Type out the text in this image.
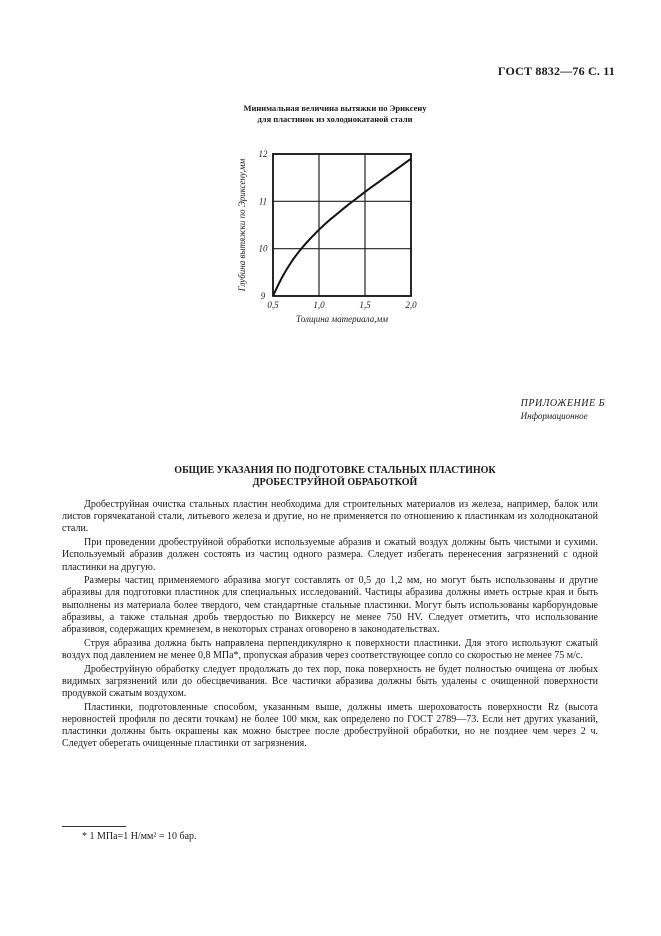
ГОСТ 8832—76 С. 11
Минимальная величина вытяжки по Эриксену
для пластинок из холоднокатаной стали
0,5	1,0	1,5	2,0
9
10
11
12
Толщина материала,мм
Глубина вытяжки по Эриксену,мм
ПРИЛОЖЕНИЕ Б
Информационное
ОБЩИЕ УКАЗАНИЯ ПО ПОДГОТОВКЕ СТАЛЬНЫХ ПЛАСТИНОК
ДРОБЕСТРУЙНОЙ ОБРАБОТКОЙ

Дробеструйная очистка стальных пластин необходима для строительных материалов из железа, например, балок или листов горячекатаной стали, литьевого железа и другие, но не применяется по отношению к пластинкам из холоднокатаной стали.

При проведении дробеструйной обработки используемые абразив и сжатый воздух должны быть чистыми и сухими. Используемый абразив должен состоять из частиц одного размера. Следует избегать перенесения загрязнений с одной пластинки на другую.

Размеры частиц применяемого абразива могут составлять от 0,5 до 1,2 мм, но могут быть использованы и другие абразивы для подготовки пластинок для специальных исследований. Частицы абразива должны иметь острые края и быть выполнены из материала более твердого, чем стандартные стальные пластинки. Могут быть использованы карборундовые абразивы, а также стальная дробь твердостью по Виккерсу не менее 750 HV. Следует отметить, что использование абразивов, содержащих кремнезем, в некоторых странах оговорено в законодательствах.

Струя абразива должна быть направлена перпендикулярно к поверхности пластинки. Для этого используют сжатый воздух под давлением не менее 0,8 МПа*, пропуская абразив через соответствующее сопло со скоростью не менее 75 м/с.

Дробеструйную обработку следует продолжать до тех пор, пока поверхность не будет полностью очищена от любых видимых загрязнений или до обесцвечивания. Все частички абразива должны быть удалены с очищенной поверхности продувкой сжатым воздухом.

Пластинки, подготовленные способом, указанным выше, должны иметь шероховатость поверхности Rz (высота неровностей профиля по десяти точкам) не более 100 мкм, как определено по ГОСТ 2789—73. Если нет других указаний, пластинки должны быть окрашены как можно быстрее после дробеструйной обработки, но не позднее чем через 2 ч. Следует оберегать очищенные пластинки от загрязнения.

* 1 МПа=1 Н/мм² = 10 бар.
